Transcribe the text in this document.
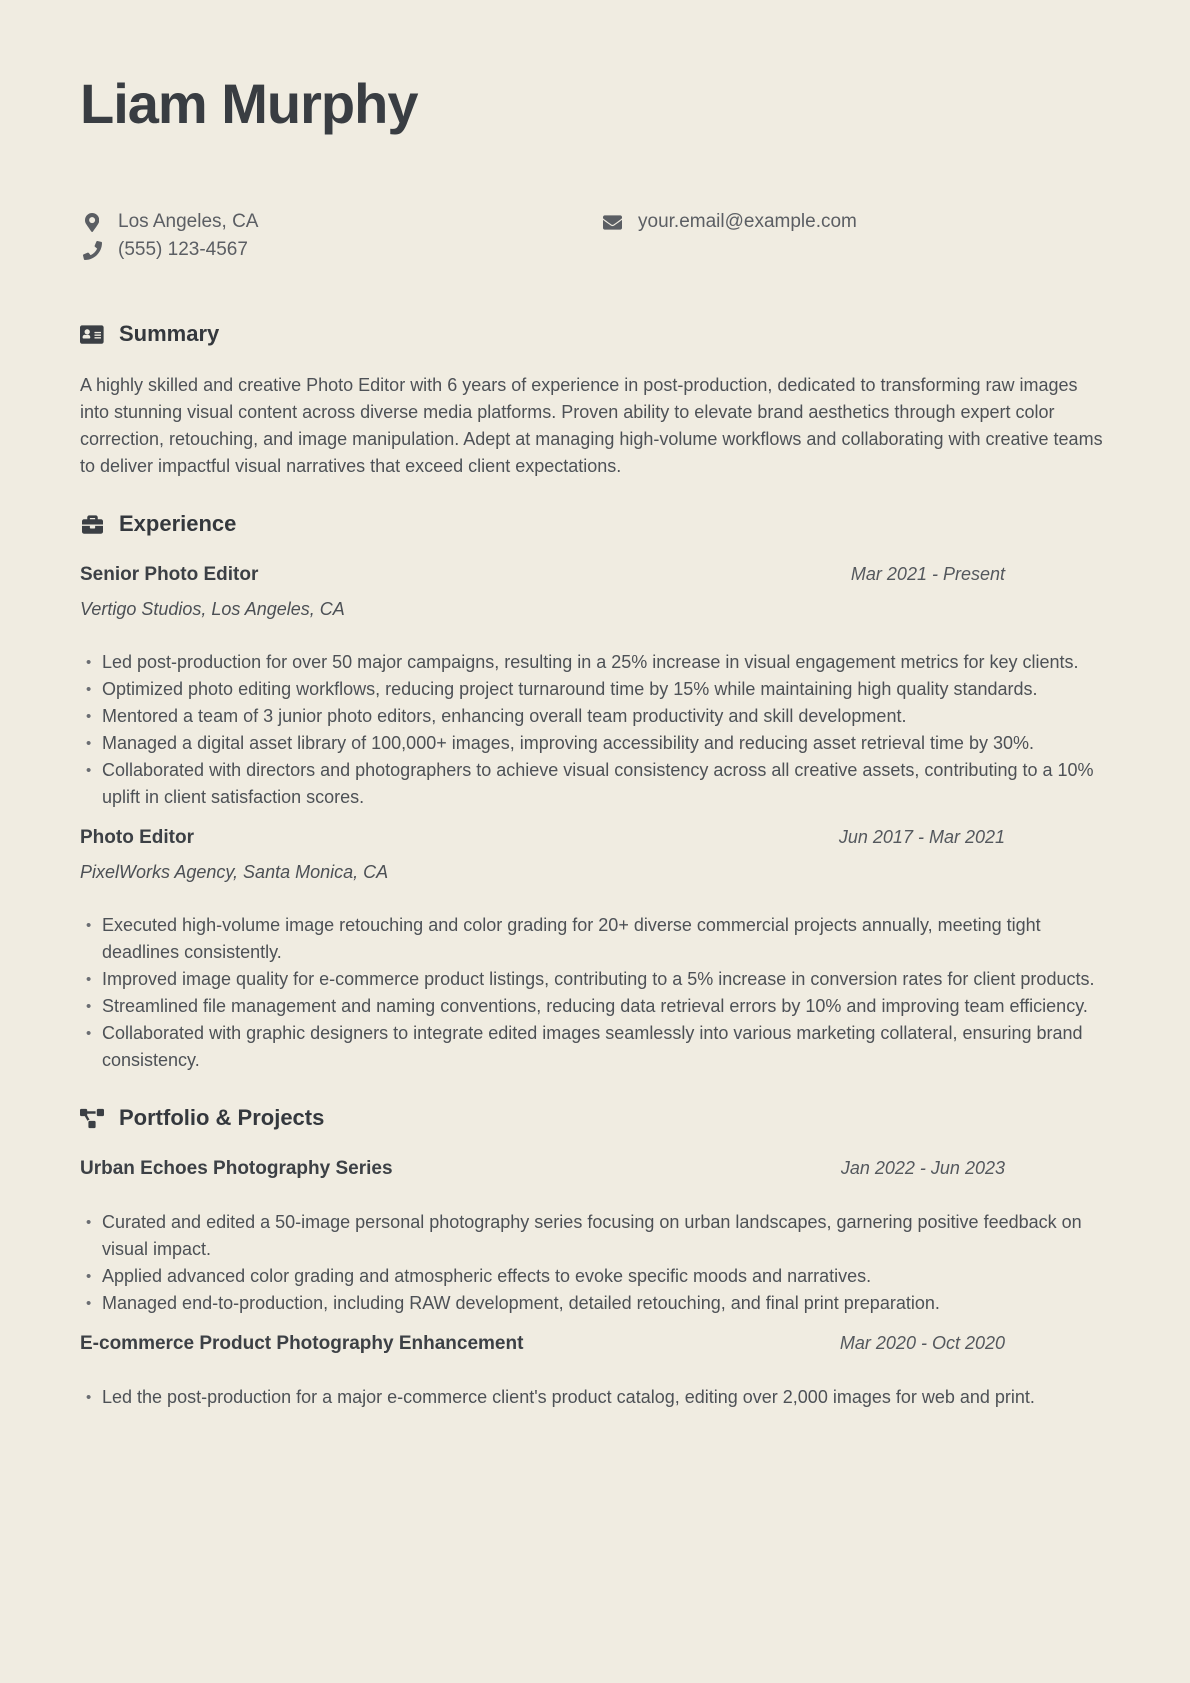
Liam Murphy
Los Angeles, CA	your.email@example.com
(555) 123-4567
Summary

A highly skilled and creative Photo Editor with 6 years of experience in post-production, dedicated to transforming raw images into stunning visual content across diverse media platforms. Proven ability to elevate brand aesthetics through expert color correction, retouching, and image manipulation. Adept at managing high-volume workflows and collaborating with creative teams to deliver impactful visual narratives that exceed client expectations.

Experience
Senior Photo Editor	Mar 2021 - Present
Vertigo Studios, Los Angeles, CA
• Led post-production for over 50 major campaigns, resulting in a 25% increase in visual engagement metrics for key clients.
• Optimized photo editing workflows, reducing project turnaround time by 15% while maintaining high quality standards.
• Mentored a team of 3 junior photo editors, enhancing overall team productivity and skill development.
• Managed a digital asset library of 100,000+ images, improving accessibility and reducing asset retrieval time by 30%.
• Collaborated with directors and photographers to achieve visual consistency across all creative assets, contributing to a 10% uplift in client satisfaction scores.
Photo Editor	Jun 2017 - Mar 2021
PixelWorks Agency, Santa Monica, CA
• Executed high-volume image retouching and color grading for 20+ diverse commercial projects annually, meeting tight deadlines consistently.
• Improved image quality for e-commerce product listings, contributing to a 5% increase in conversion rates for client products.
• Streamlined file management and naming conventions, reducing data retrieval errors by 10% and improving team efficiency.
• Collaborated with graphic designers to integrate edited images seamlessly into various marketing collateral, ensuring brand consistency.
Portfolio & Projects
Urban Echoes Photography Series	Jan 2022 - Jun 2023
• Curated and edited a 50-image personal photography series focusing on urban landscapes, garnering positive feedback on visual impact.
• Applied advanced color grading and atmospheric effects to evoke specific moods and narratives.
• Managed end-to-production, including RAW development, detailed retouching, and final print preparation.
E-commerce Product Photography Enhancement	Mar 2020 - Oct 2020
• Led the post-production for a major e-commerce client's product catalog, editing over 2,000 images for web and print.
